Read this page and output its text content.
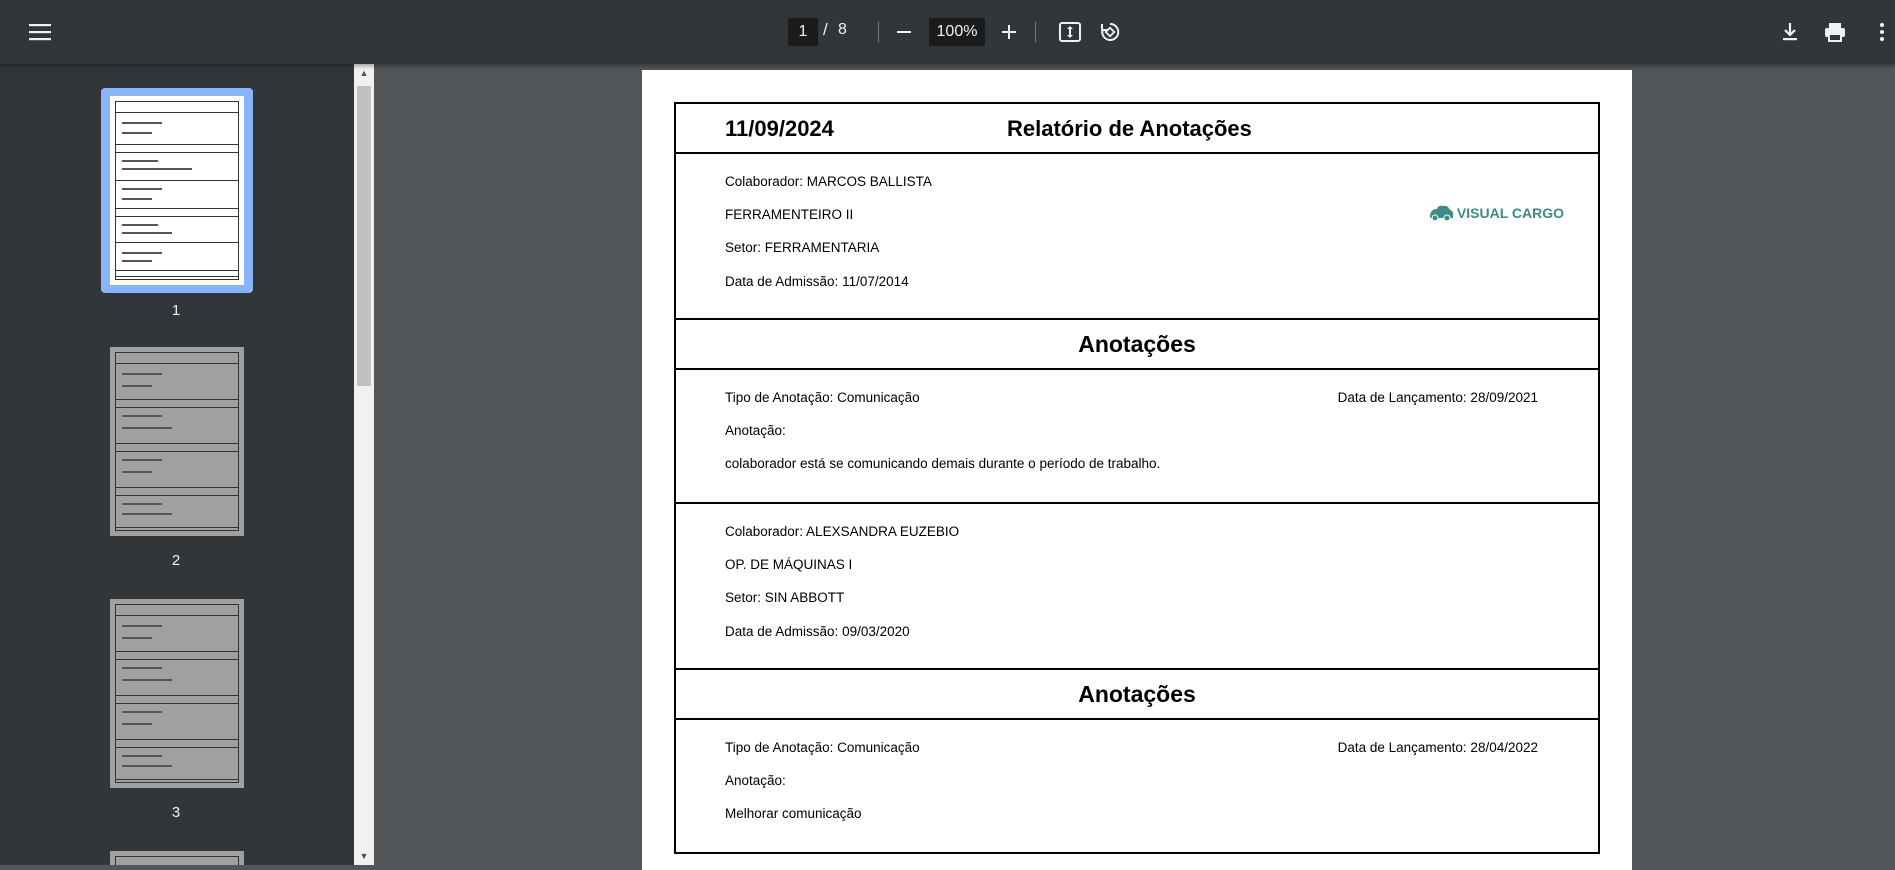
1 / 8	100%
1
2
3
▲
▼
11/09/2024	Relatório de Anotações
Colaborador: MARCOS BALLISTA
FERRAMENTEIRO II
Setor: FERRAMENTARIA
Data de Admissão: 11/07/2014
VISUAL CARGO
Anotações
Tipo de Anotação: Comunicação	Data de Lançamento: 28/09/2021
Anotação:
colaborador está se comunicando demais durante o período de trabalho.
Colaborador: ALEXSANDRA EUZEBIO
OP. DE MÁQUINAS I
Setor: SIN ABBOTT
Data de Admissão: 09/03/2020
Anotações
Tipo de Anotação: Comunicação	Data de Lançamento: 28/04/2022
Anotação:
Melhorar comunicação
